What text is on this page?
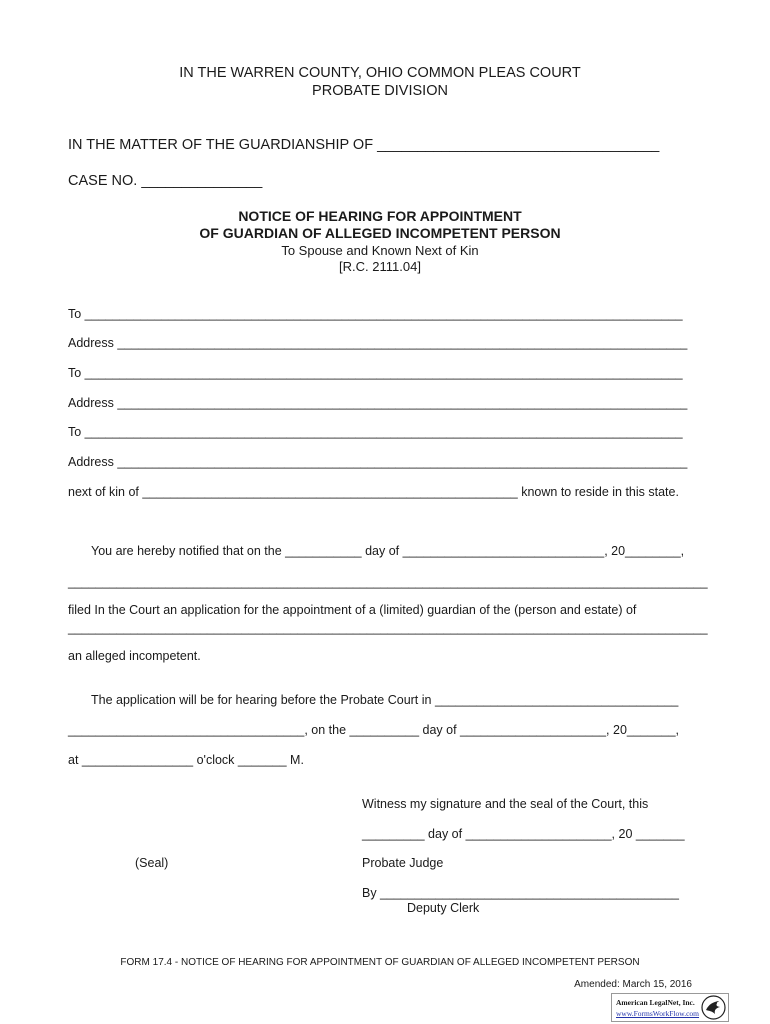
IN THE WARREN COUNTY, OHIO COMMON PLEAS COURT
PROBATE DIVISION
IN THE MATTER OF THE GUARDIANSHIP OF ___________________________________
CASE NO. _______________
NOTICE OF HEARING FOR APPOINTMENT
OF GUARDIAN OF ALLEGED INCOMPETENT PERSON
To Spouse and Known Next of Kin
[R.C. 2111.04]
To ______________________________________________________________________________________
Address __________________________________________________________________________________
To ______________________________________________________________________________________
Address __________________________________________________________________________________
To ______________________________________________________________________________________
Address __________________________________________________________________________________
next of kin of ______________________________________________________ known to reside in this state.
You are hereby notified that on the ___________ day of _____________________________, 20________,
____________________________________________________________________________________________
filed In the Court an application for the appointment of a (limited) guardian of the (person and estate) of
____________________________________________________________________________________________
an alleged incompetent.
The application will be for hearing before the Probate Court in ___________________________________
__________________________________, on the __________ day of _____________________, 20_______,
at ________________ o'clock _______ M.
Witness my signature and the seal of the Court, this
_________ day of _____________________, 20 _______
(Seal)	Probate Judge
By ___________________________________________
Deputy Clerk
FORM 17.4 - NOTICE OF HEARING FOR APPOINTMENT OF GUARDIAN OF ALLEGED INCOMPETENT PERSON
Amended: March 15, 2016
American LegalNet, Inc.
www.FormsWorkFlow.com
